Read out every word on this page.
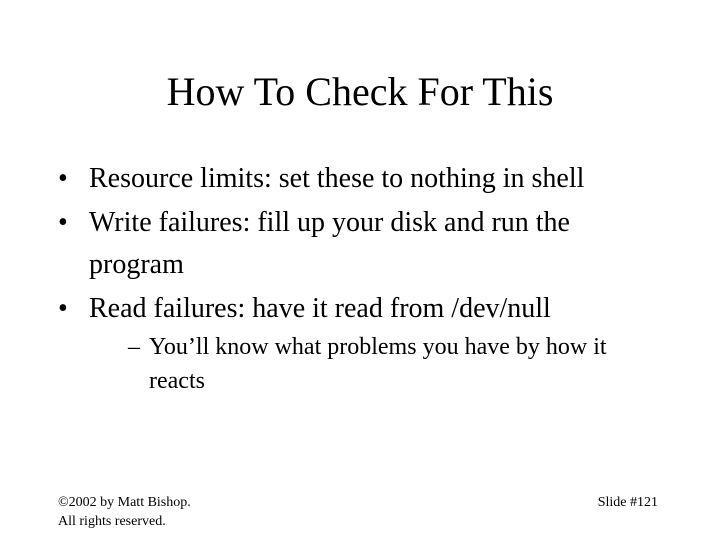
How To Check For This
• Resource limits: set these to nothing in shell
• Write failures: fill up your disk and run the program
• Read failures: have it read from /dev/null
– You’ll know what problems you have by how it reacts
©2002 by Matt Bishop.
All rights reserved.
Slide #121
